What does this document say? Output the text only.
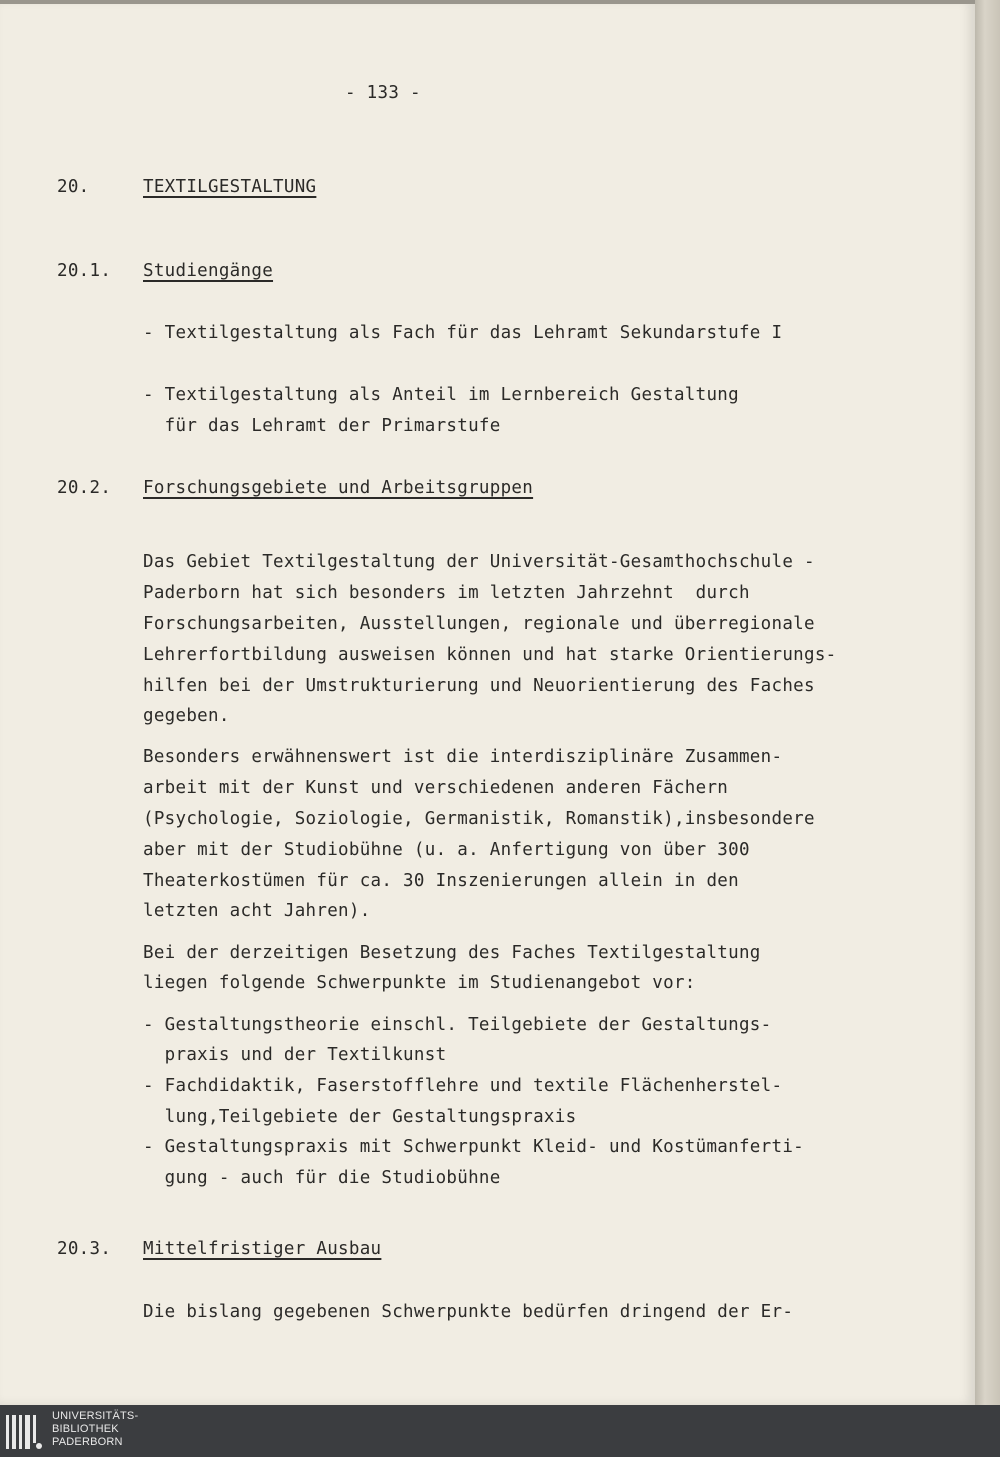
- 133 -
20.	TEXTILGESTALTUNG
20.1. Studiengänge
- Textilgestaltung als Fach für das Lehramt Sekundarstufe I
- Textilgestaltung als Anteil im Lernbereich Gestaltung
für das Lehramt der Primarstufe
20.2. Forschungsgebiete und Arbeitsgruppen
Das Gebiet Textilgestaltung der Universität-Gesamthochschule -
Paderborn hat sich besonders im letzten Jahrzehnt  durch
Forschungsarbeiten, Ausstellungen, regionale und überregionale
Lehrerfortbildung ausweisen können und hat starke Orientierungs-
hilfen bei der Umstrukturierung und Neuorientierung des Faches
gegeben.
Besonders erwähnenswert ist die interdisziplinäre Zusammen-
arbeit mit der Kunst und verschiedenen anderen Fächern
(Psychologie, Soziologie, Germanistik, Romanstik),insbesondere
aber mit der Studiobühne (u. a. Anfertigung von über 300
Theaterkostümen für ca. 30 Inszenierungen allein in den
letzten acht Jahren).
Bei der derzeitigen Besetzung des Faches Textilgestaltung
liegen folgende Schwerpunkte im Studienangebot vor:
- Gestaltungstheorie einschl. Teilgebiete der Gestaltungs-
praxis und der Textilkunst
- Fachdidaktik, Faserstofflehre und textile Flächenherstel-
lung,Teilgebiete der Gestaltungspraxis
- Gestaltungspraxis mit Schwerpunkt Kleid- und Kostümanferti-
gung - auch für die Studiobühne
20.3. Mittelfristiger Ausbau
Die bislang gegebenen Schwerpunkte bedürfen dringend der Er-
UNIVERSITÄTS-
BIBLIOTHEK
PADERBORN
